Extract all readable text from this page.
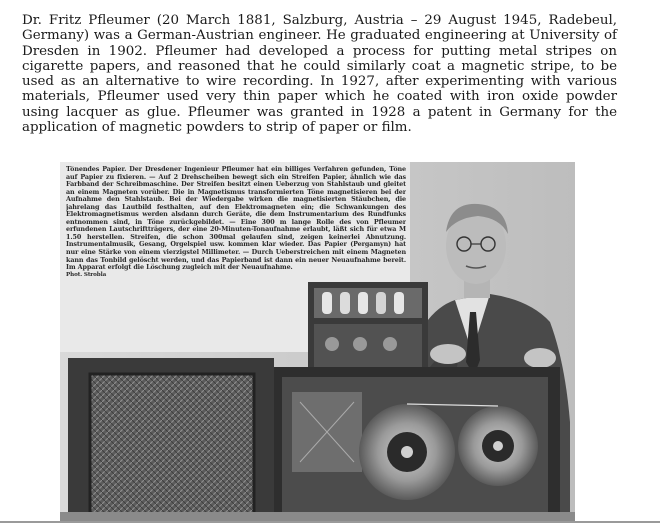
Dr. Fritz Pfleumer (20 March 1881, Salzburg, Austria – 29 August 1945, Radebeul, Germany) was a German-Austrian engineer. He graduated engineering at University of Dresden in 1902. Pfleumer had developed a process for putting metal stripes on cigarette papers, and reasoned that he could similarly coat a magnetic stripe, to be used as an alternative to wire recording. In 1927, after experimenting with various materials, Pfleumer used very thin paper which he coated with iron oxide powder using lacquer as glue. Pfleumer was granted in 1928 a patent in Germany for the application of magnetic powders to strip of paper or film.

Tönendes Papier. Der Dresdener Ingenieur Pfleumer hat ein billiges Verfahren gefunden, Töne auf Papier zu fixieren. — Auf 2 Drehscheiben bewegt sich ein Streifen Papier, ähnlich wie das Farbband der Schreibmaschine. Der Streifen besitzt einen Ueberzug von Stahlstaub und gleitet an einem Magneten vorüber. Die in Magnetismus transformierten Töne magnetisieren bei der Aufnahme den Stahlstaub. Bei der Wiedergabe wirken die magnetisierten Stäubchen, die jahrelang das Lautbild festhalten, auf den Elektromagneten ein; die Schwankungen des Elektromagnetismus werden alsdann durch Geräte, die dem Instrumentarium des Rundfunks entnommen sind, in Töne zurückgebildet. — Eine 300 m lange Rolle des von Pfleumer erfundenen Lautschriftträgers, der eine 20-Minuten-Tonaufnahme erlaubt, läßt sich für etwa M 1.50 herstellen. Streifen, die schon 300mal gelaufen sind, zeigen keinerlei Abnutzung. Instrumentalmusik, Gesang, Orgelspiel usw. kommen klar wieder. Das Papier (Pergamyn) hat nur eine Stärke von einem vierzigstel Millimeter. — Durch Ueberstreichen mit einem Magneten kann das Tonbild gelöscht werden, und das Papierband ist dann ein neuer Neuaufnahme bereit. Im Apparat erfolgt die Löschung zugleich mit der Neuaufnahme.
Phot. Strobla
